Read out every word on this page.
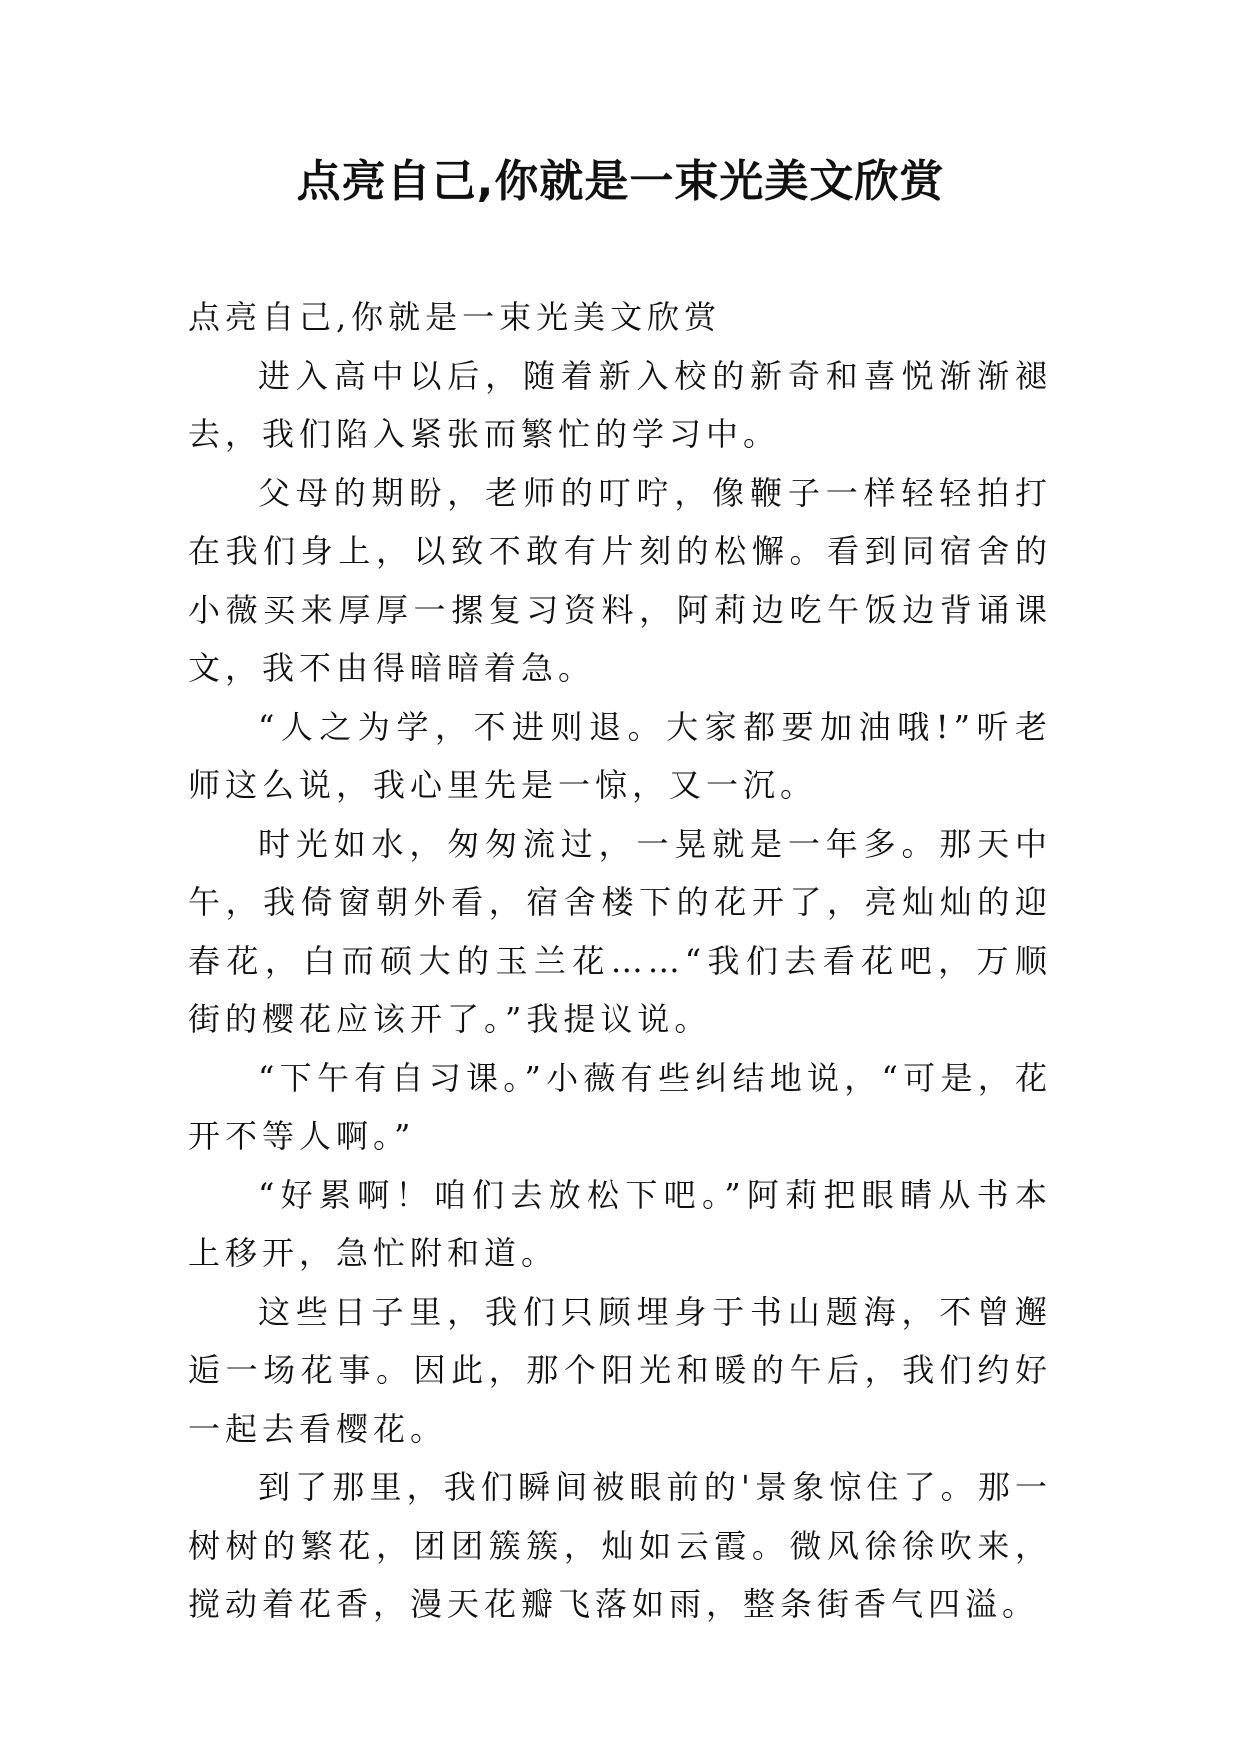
点亮自己,你就是一束光美文欣赏

点亮自己,你就是一束光美文欣赏

进入高中以后，随着新入校的新奇和喜悦渐渐褪去，我们陷入紧张而繁忙的学习中。

父母的期盼，老师的叮咛，像鞭子一样轻轻拍打在我们身上，以致不敢有片刻的松懈。看到同宿舍的小薇买来厚厚一摞复习资料，阿莉边吃午饭边背诵课文，我不由得暗暗着急。

“人之为学，不进则退。大家都要加油哦!”听老师这么说，我心里先是一惊，又一沉。

时光如水，匆匆流过，一晃就是一年多。那天中午，我倚窗朝外看，宿舍楼下的花开了，亮灿灿的迎春花，白而硕大的玉兰花……“我们去看花吧，万顺街的樱花应该开了。”我提议说。

“下午有自习课。”小薇有些纠结地说，“可是，花开不等人啊。”

“好累啊！咱们去放松下吧。”阿莉把眼睛从书本上移开，急忙附和道。

这些日子里，我们只顾埋身于书山题海，不曾邂逅一场花事。因此，那个阳光和暖的午后，我们约好一起去看樱花。

到了那里，我们瞬间被眼前的'景象惊住了。那一树树的繁花，团团簇簇，灿如云霞。微风徐徐吹来，搅动着花香，漫天花瓣飞落如雨，整条街香气四溢。
